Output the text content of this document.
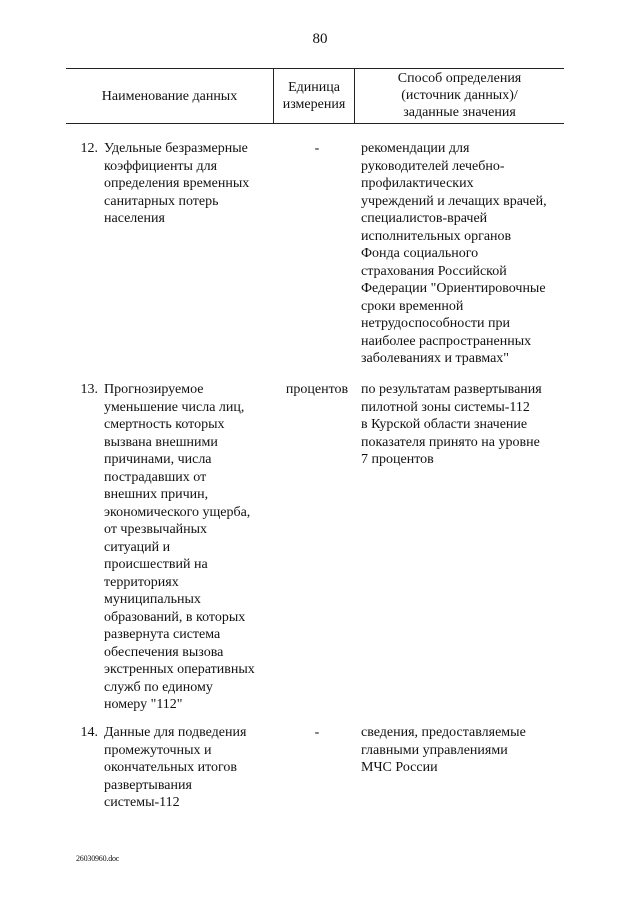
80
Наименование данных
Единица
измерения
Способ определения
(источник данных)/
заданные значения
12. Удельные безразмерные
коэффициенты для
определения временных
санитарных потерь
населения
-	рекомендации для
руководителей лечебно-
профилактических
учреждений и лечащих врачей,
специалистов-врачей
исполнительных органов
Фонда социального
страхования Российской
Федерации "Ориентировочные
сроки временной
нетрудоспособности при
наиболее распространенных
заболеваниях и травмах"
13. Прогнозируемое
уменьшение числа лиц,
смертность которых
вызвана внешними
причинами, числа
пострадавших от
внешних причин,
экономического ущерба,
от чрезвычайных
ситуаций и
происшествий на
территориях
муниципальных
образований, в которых
развернута система
обеспечения вызова
экстренных оперативных
служб по единому
номеру "112"
процентов по результатам развертывания
пилотной зоны системы-112
в Курской области значение
показателя принято на уровне
7 процентов
14. Данные для подведения
промежуточных и
окончательных итогов
развертывания
системы-112
-	сведения, предоставляемые
главными управлениями
МЧС России
26030960.doc
